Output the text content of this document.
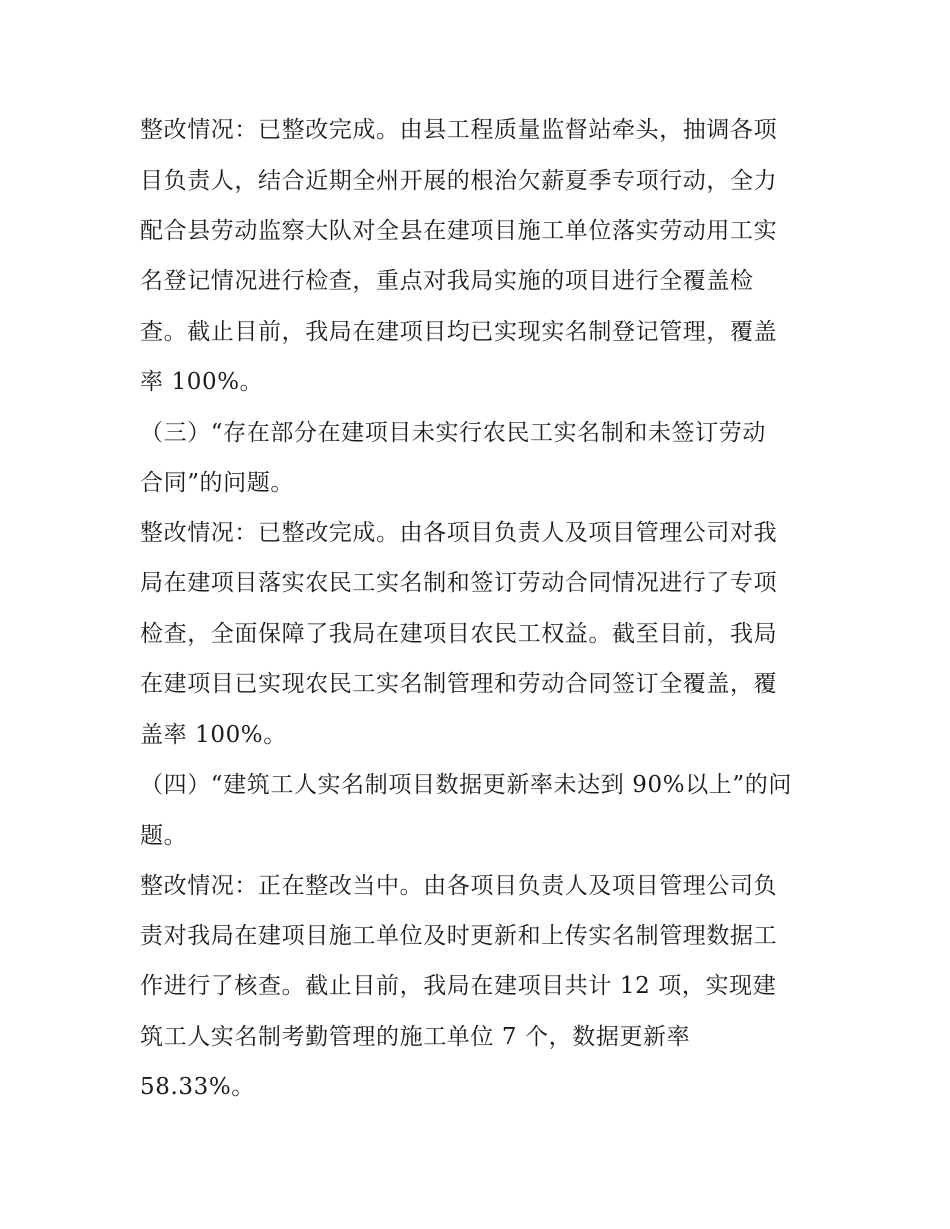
整改情况：已整改完成。由县工程质量监督站牵头，抽调各项
目负责人，结合近期全州开展的根治欠薪夏季专项行动，全力
配合县劳动监察大队对全县在建项目施工单位落实劳动用工实
名登记情况进行检查，重点对我局实施的项目进行全覆盖检
查。截止目前，我局在建项目均已实现实名制登记管理，覆盖
率 100%。
（三）“存在部分在建项目未实行农民工实名制和未签订劳动
合同”的问题。
整改情况：已整改完成。由各项目负责人及项目管理公司对我
局在建项目落实农民工实名制和签订劳动合同情况进行了专项
检查，全面保障了我局在建项目农民工权益。截至目前，我局
在建项目已实现农民工实名制管理和劳动合同签订全覆盖，覆
盖率 100%。
（四）“建筑工人实名制项目数据更新率未达到 90%以上”的问
题。
整改情况：正在整改当中。由各项目负责人及项目管理公司负
责对我局在建项目施工单位及时更新和上传实名制管理数据工
作进行了核查。截止目前，我局在建项目共计 12 项，实现建
筑工人实名制考勤管理的施工单位 7 个，数据更新率
58.33%。
